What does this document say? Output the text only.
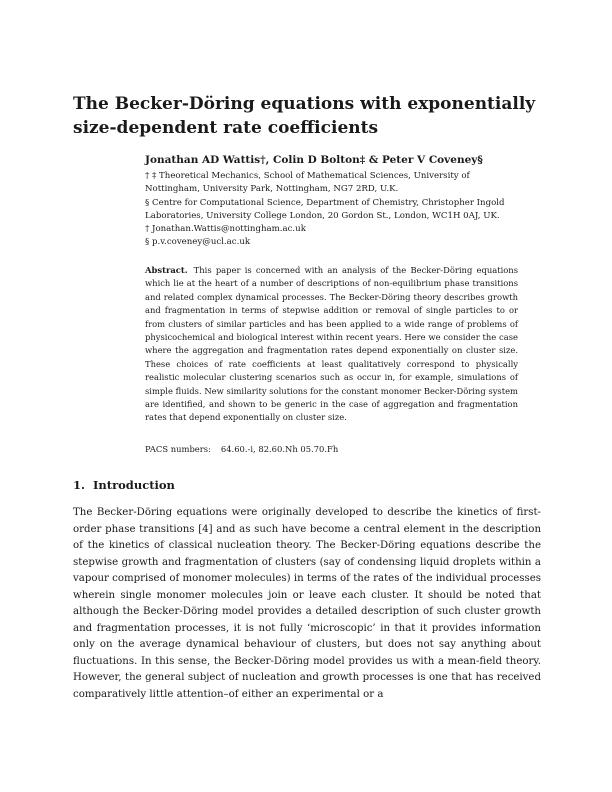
The Becker-Döring equations with exponentially size-dependent rate coefficients

Jonathan AD Wattis†, Colin D Bolton‡ & Peter V Coveney§

† ‡ Theoretical Mechanics, School of Mathematical Sciences, University of Nottingham, University Park, Nottingham, NG7 2RD, U.K.

§ Centre for Computational Science, Department of Chemistry, Christopher Ingold Laboratories, University College London, 20 Gordon St., London, WC1H 0AJ, UK.

† Jonathan.Wattis@nottingham.ac.uk

§ p.v.coveney@ucl.ac.uk

Abstract. This paper is concerned with an analysis of the Becker-Döring equations which lie at the heart of a number of descriptions of non-equilibrium phase transitions and related complex dynamical processes. The Becker-Döring theory describes growth and fragmentation in terms of stepwise addition or removal of single particles to or from clusters of similar particles and has been applied to a wide range of problems of physicochemical and biological interest within recent years. Here we consider the case where the aggregation and fragmentation rates depend exponentially on cluster size. These choices of rate coefficients at least qualitatively correspond to physically realistic molecular clustering scenarios such as occur in, for example, simulations of simple fluids. New similarity solutions for the constant monomer Becker-Döring system are identified, and shown to be generic in the case of aggregation and fragmentation rates that depend exponentially on cluster size.

PACS numbers: 64.60.-i, 82.60.Nh 05.70.Fh

1. Introduction

The Becker-Döring equations were originally developed to describe the kinetics of first-order phase transitions [4] and as such have become a central element in the description of the kinetics of classical nucleation theory. The Becker-Döring equations describe the stepwise growth and fragmentation of clusters (say of condensing liquid droplets within a vapour comprised of monomer molecules) in terms of the rates of the individual processes wherein single monomer molecules join or leave each cluster. It should be noted that although the Becker-Döring model provides a detailed description of such cluster growth and fragmentation processes, it is not fully ‘microscopic’ in that it provides information only on the average dynamical behaviour of clusters, but does not say anything about fluctuations. In this sense, the Becker-Döring model provides us with a mean-field theory. However, the general subject of nucleation and growth processes is one that has received comparatively little attention–of either an experimental or a
